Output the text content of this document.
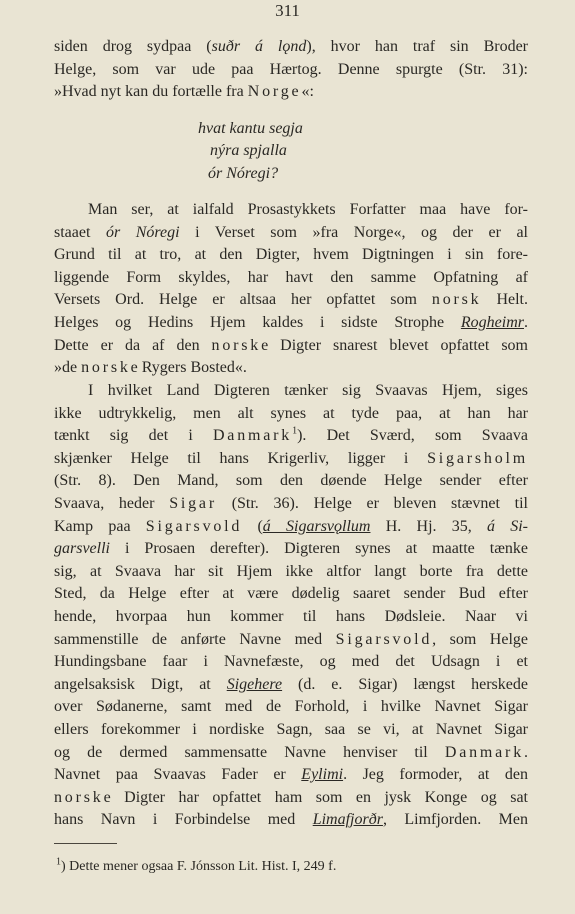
311
siden drog sydpaa (suðr á lǫnd), hvor han traf sin Broder
Helge, som var ude paa Hærtog. Denne spurgte (Str. 31):
»Hvad nyt kan du fortælle fra Norge«:
hvat kantu segja
nýra spjalla
ór Nóregi?
Man ser, at ialfald Prosastykkets Forfatter maa have for-
staaet ór Nóregi i Verset som »fra Norge«, og der er al
Grund til at tro, at den Digter, hvem Digtningen i sin fore-
liggende Form skyldes, har havt den samme Opfatning af
Versets Ord. Helge er altsaa her opfattet som norsk Helt.
Helges og Hedins Hjem kaldes i sidste Strophe Rogheimr.
Dette er da af den norske Digter snarest blevet opfattet som
»de norske Rygers Bosted«.
I hvilket Land Digteren tænker sig Svaavas Hjem, siges
ikke udtrykkelig, men alt synes at tyde paa, at han har
tænkt sig det i Danmark$^1$). Det Sværd, som Svaava
skjænker Helge til hans Krigerliv, ligger i Sigarsholm
(Str. 8). Den Mand, som den døende Helge sender efter
Svaava, heder Sigar (Str. 36). Helge er bleven stævnet til
Kamp paa Sigarsvold (á Sigarsvǫllum H. Hj. 35, á Si-
garsvelli i Prosaen derefter). Digteren synes at maatte tænke
sig, at Svaava har sit Hjem ikke altfor langt borte fra dette
Sted, da Helge efter at være dødelig saaret sender Bud efter
hende, hvorpaa hun kommer til hans Dødsleie. Naar vi
sammenstille de anførte Navne med Sigarsvold, som Helge
Hundingsbane faar i Navnefæste, og med det Udsagn i et
angelsaksisk Digt, at Sigehere (d. e. Sigar) længst herskede
over Sødanerne, samt med de Forhold, i hvilke Navnet Sigar
ellers forekommer i nordiske Sagn, saa se vi, at Navnet Sigar
og de dermed sammensatte Navne henviser til Danmark.
Navnet paa Svaavas Fader er Eylimi. Jeg formoder, at den
norske Digter har opfattet ham som en jysk Konge og sat
hans Navn i Forbindelse med Limafjorðr, Limfjorden. Men
$^1$) Dette mener ogsaa F. Jónsson Lit. Hist. I, 249 f.
